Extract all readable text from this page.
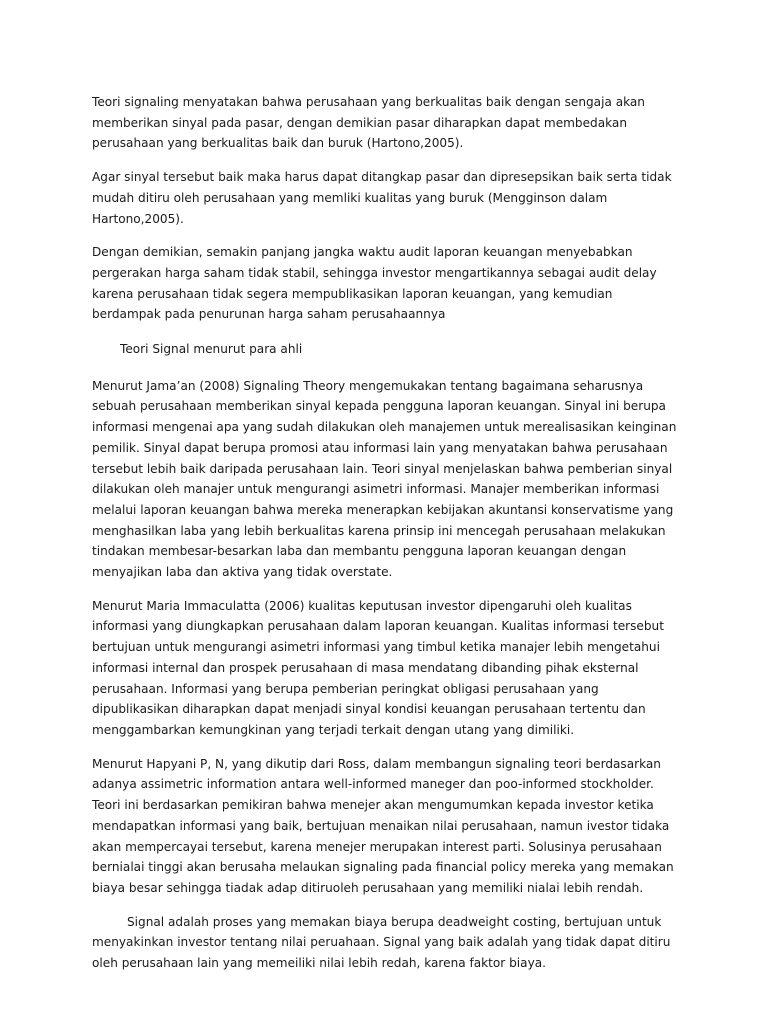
Teori signaling menyatakan bahwa perusahaan yang berkualitas baik dengan sengaja akan memberikan sinyal pada pasar, dengan demikian pasar diharapkan dapat membedakan perusahaan yang berkualitas baik dan buruk (Hartono,2005).

Agar sinyal tersebut baik maka harus dapat ditangkap pasar dan dipresepsikan baik serta tidak mudah ditiru oleh perusahaan yang memliki kualitas yang buruk (Mengginson dalam Hartono,2005).

Dengan demikian, semakin panjang jangka waktu audit laporan keuangan menyebabkan pergerakan harga saham tidak stabil, sehingga investor mengartikannya sebagai audit delay karena perusahaan tidak segera mempublikasikan laporan keuangan, yang kemudian berdampak pada penurunan harga saham perusahaannya

Teori Signal menurut para ahli

Menurut Jama’an (2008) Signaling Theory mengemukakan tentang bagaimana seharusnya sebuah perusahaan memberikan sinyal kepada pengguna laporan keuangan. Sinyal ini berupa informasi mengenai apa yang sudah dilakukan oleh manajemen untuk merealisasikan keinginan pemilik. Sinyal dapat berupa promosi atau informasi lain yang menyatakan bahwa perusahaan tersebut lebih baik daripada perusahaan lain. Teori sinyal menjelaskan bahwa pemberian sinyal dilakukan oleh manajer untuk mengurangi asimetri informasi. Manajer memberikan informasi melalui laporan keuangan bahwa mereka menerapkan kebijakan akuntansi konservatisme yang menghasilkan laba yang lebih berkualitas karena prinsip ini mencegah perusahaan melakukan tindakan membesar-besarkan laba dan membantu pengguna laporan keuangan dengan menyajikan laba dan aktiva yang tidak overstate.

Menurut Maria Immaculatta (2006) kualitas keputusan investor dipengaruhi oleh kualitas informasi yang diungkapkan perusahaan dalam laporan keuangan. Kualitas informasi tersebut bertujuan untuk mengurangi asimetri informasi yang timbul ketika manajer lebih mengetahui informasi internal dan prospek perusahaan di masa mendatang dibanding pihak eksternal perusahaan. Informasi yang berupa pemberian peringkat obligasi perusahaan yang dipublikasikan diharapkan dapat menjadi sinyal kondisi keuangan perusahaan tertentu dan menggambarkan kemungkinan yang terjadi terkait dengan utang yang dimiliki.

Menurut Hapyani P, N, yang dikutip dari Ross, dalam membangun signaling teori berdasarkan adanya assimetric information antara well-informed maneger dan poo-informed stockholder. Teori ini berdasarkan pemikiran bahwa menejer akan mengumumkan kepada investor ketika mendapatkan informasi yang baik, bertujuan menaikan nilai perusahaan, namun ivestor tidaka akan mempercayai tersebut, karena menejer merupakan interest parti. Solusinya perusahaan bernialai tinggi akan berusaha melaukan signaling pada financial policy mereka yang memakan biaya besar sehingga tiadak adap ditiruoleh perusahaan yang memiliki nialai lebih rendah.

Signal adalah proses yang memakan biaya berupa deadweight costing, bertujuan untuk menyakinkan investor tentang nilai peruahaan. Signal yang baik adalah yang tidak dapat ditiru oleh perusahaan lain yang memeiliki nilai lebih redah, karena faktor biaya.
